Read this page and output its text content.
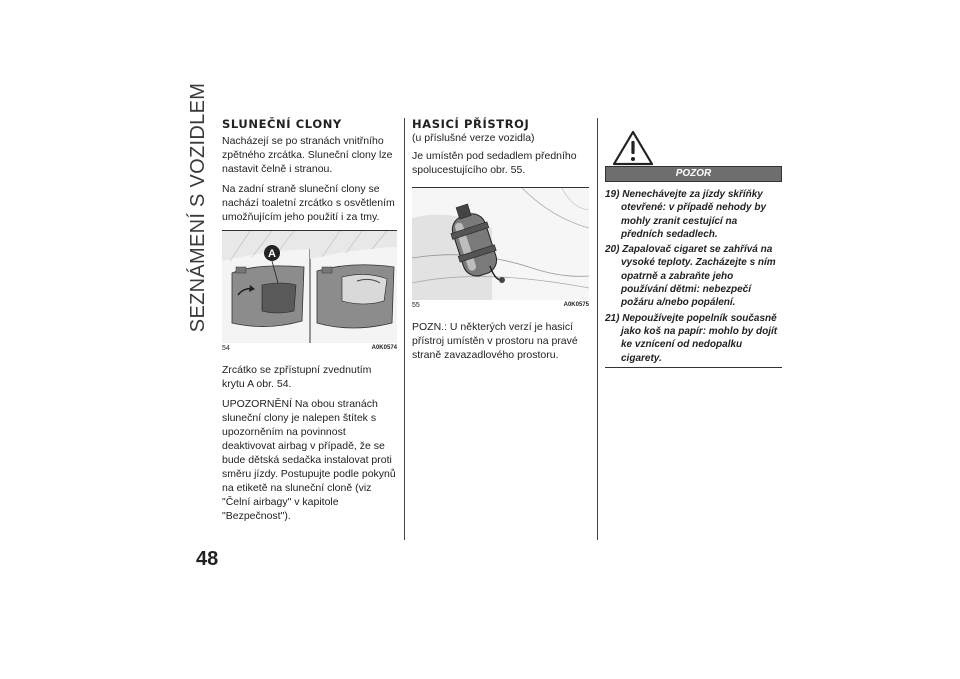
SEZNÁMENÍ S VOZIDLEM
48
SLUNEČNÍ CLONY

Nacházejí se po stranách vnitřního zpětného zrcátka. Sluneční clony lze nastavit čelně i stranou.

Na zadní straně sluneční clony se nachází toaletní zrcátko s osvětlením umožňujícím jeho použití i za tmy.

A
54	A0K0574

Zrcátko se zpřístupní zvednutím krytu A obr. 54.

UPOZORNĚNÍ Na obou stranách sluneční clony je nalepen štítek s upozorněním na povinnost deaktivovat airbag v případě, že se bude dětská sedačka instalovat proti směru jízdy. Postupujte podle pokynů na etiketě na sluneční cloně (viz "Čelní airbagy" v kapitole "Bezpečnost").

HASICÍ PŘÍSTROJ

(u příslušné verze vozidla)

Je umístěn pod sedadlem předního spolucestujícího obr. 55.

55	A0K0575

POZN.: U některých verzí je hasicí přístroj umístěn v prostoru na pravé straně zavazadlového prostoru.

POZOR
19) Nenechávejte za jízdy skříňky otevřené: v případě nehody by mohly zranit cestující na předních sedadlech.
20) Zapalovač cigaret se zahřívá na vysoké teploty. Zacházejte s ním opatrně a zabraňte jeho používání dětmi: nebezpečí požáru a/nebo popálení.
21) Nepoužívejte popelník současně jako koš na papír: mohlo by dojít ke vznícení od nedopalku cigarety.
